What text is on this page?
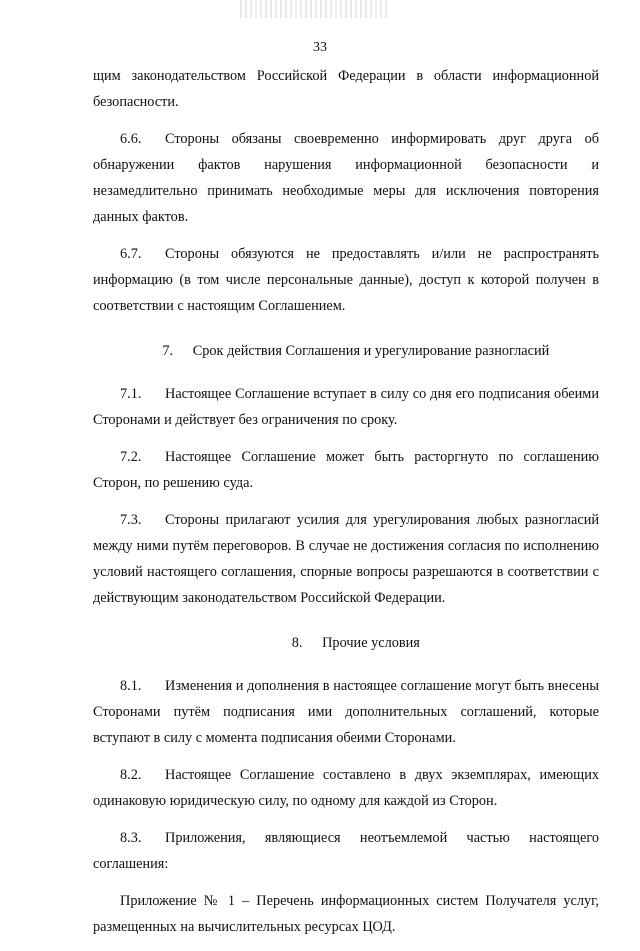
33

щим законодательством Российской Федерации в области информационной безопасности.

6.6. Стороны обязаны своевременно информировать друг друга об обнаружении фактов нарушения информационной безопасности и незамедлительно принимать необходимые меры для исключения повторения данных фактов.

6.7. Стороны обязуются не предоставлять и/или не распространять информацию (в том числе персональные данные), доступ к которой получен в соответствии с настоящим Соглашением.

7. Срок действия Соглашения и урегулирование разногласий

7.1. Настоящее Соглашение вступает в силу со дня его подписания обеими Сторонами и действует без ограничения по сроку.

7.2. Настоящее Соглашение может быть расторгнуто по соглашению Сторон, по решению суда.

7.3. Стороны прилагают усилия для урегулирования любых разногласий между ними путём переговоров. В случае не достижения согласия по исполнению условий настоящего соглашения, спорные вопросы разрешаются в соответствии с действующим законодательством Российской Федерации.

8. Прочие условия

8.1. Изменения и дополнения в настоящее соглашение могут быть внесены Сторонами путём подписания ими дополнительных соглашений, которые вступают в силу с момента подписания обеими Сторонами.

8.2. Настоящее Соглашение составлено в двух экземплярах, имеющих одинаковую юридическую силу, по одному для каждой из Сторон.

8.3. Приложения, являющиеся неотъемлемой частью настоящего соглашения:

Приложение № 1 – Перечень информационных систем Получателя услуг, размещенных на вычислительных ресурсах ЦОД.
